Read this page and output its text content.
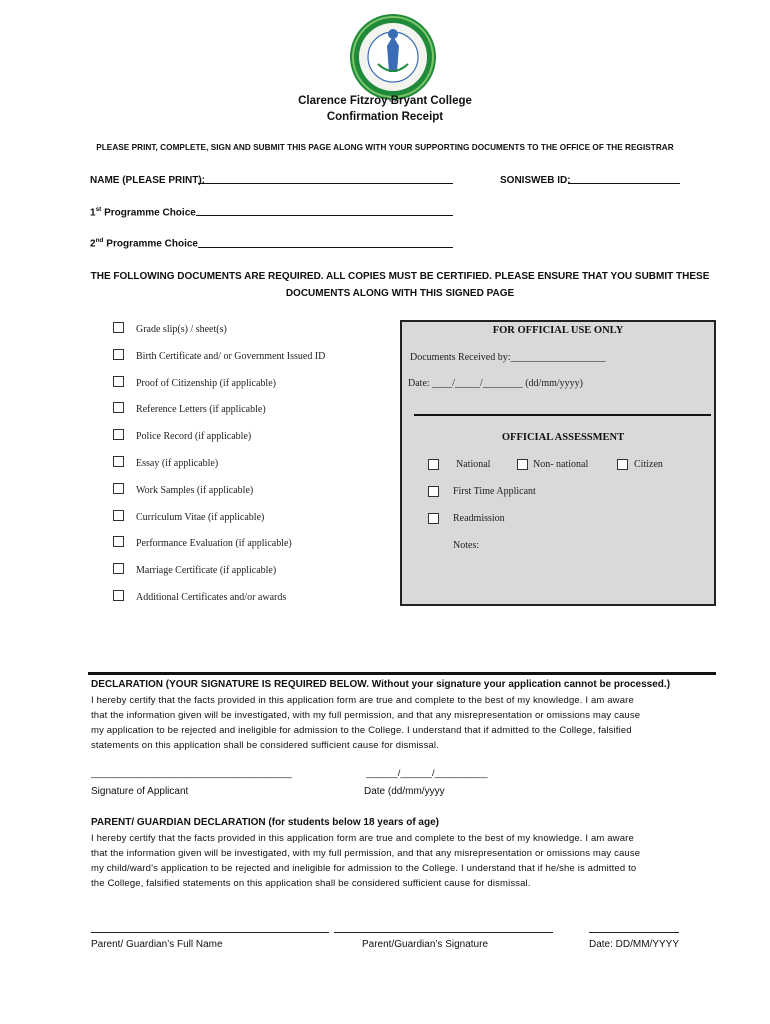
Clarence Fitzroy Bryant College
Confirmation Receipt
PLEASE PRINT, COMPLETE, SIGN AND SUBMIT THIS PAGE ALONG WITH YOUR SUPPORTING DOCUMENTS TO THE OFFICE OF THE REGISTRAR
NAME (PLEASE PRINT):	SONISWEB ID:
1st Programme Choice
2nd Programme Choice
THE FOLLOWING DOCUMENTS ARE REQUIRED. ALL COPIES MUST BE CERTIFIED. PLEASE ENSURE THAT YOU SUBMIT THESE
DOCUMENTS ALONG WITH THIS SIGNED PAGE
Grade slip(s) / sheet(s)
Birth Certificate and/ or Government Issued ID
Proof of Citizenship (if applicable)
Reference Letters (if applicable)
Police Record (if applicable)
Essay (if applicable)
Work Samples (if applicable)
Curriculum Vitae (if applicable)
Performance Evaluation (if applicable)
Marriage Certificate (if applicable)
Additional Certificates and/or awards
FOR OFFICIAL USE ONLY
Documents Received by:___________________
Date: ____/_____/________ (dd/mm/yyyy)
OFFICIAL ASSESSMENT
National	Non- national	Citizen
First Time Applicant
Readmission
Notes:
DECLARATION (YOUR SIGNATURE IS REQUIRED BELOW. Without your signature your application cannot be processed.)
I hereby certify that the facts provided in this application form are true and complete to the best of my knowledge. I am aware
that the information given will be investigated, with my full permission, and that any misrepresentation or omissions may cause
my application to be rejected and ineligible for admission to the College. I understand that if admitted to the College, falsified
statements on this application shall be considered sufficient cause for dismissal.
______________________________________	______/______/__________
Signature of Applicant	Date (dd/mm/yyyy
PARENT/ GUARDIAN DECLARATION (for students below 18 years of age)
I hereby certify that the facts provided in this application form are true and complete to the best of my knowledge. I am aware
that the information given will be investigated, with my full permission, and that any misrepresentation or omissions may cause
my child/ward’s application to be rejected and ineligible for admission to the College. I understand that if he/she is admitted to
the College, falsified statements on this application shall be considered sufficient cause for dismissal.
Parent/ Guardian’s Full Name	Parent/Guardian’s Signature	Date: DD/MM/YYYY
